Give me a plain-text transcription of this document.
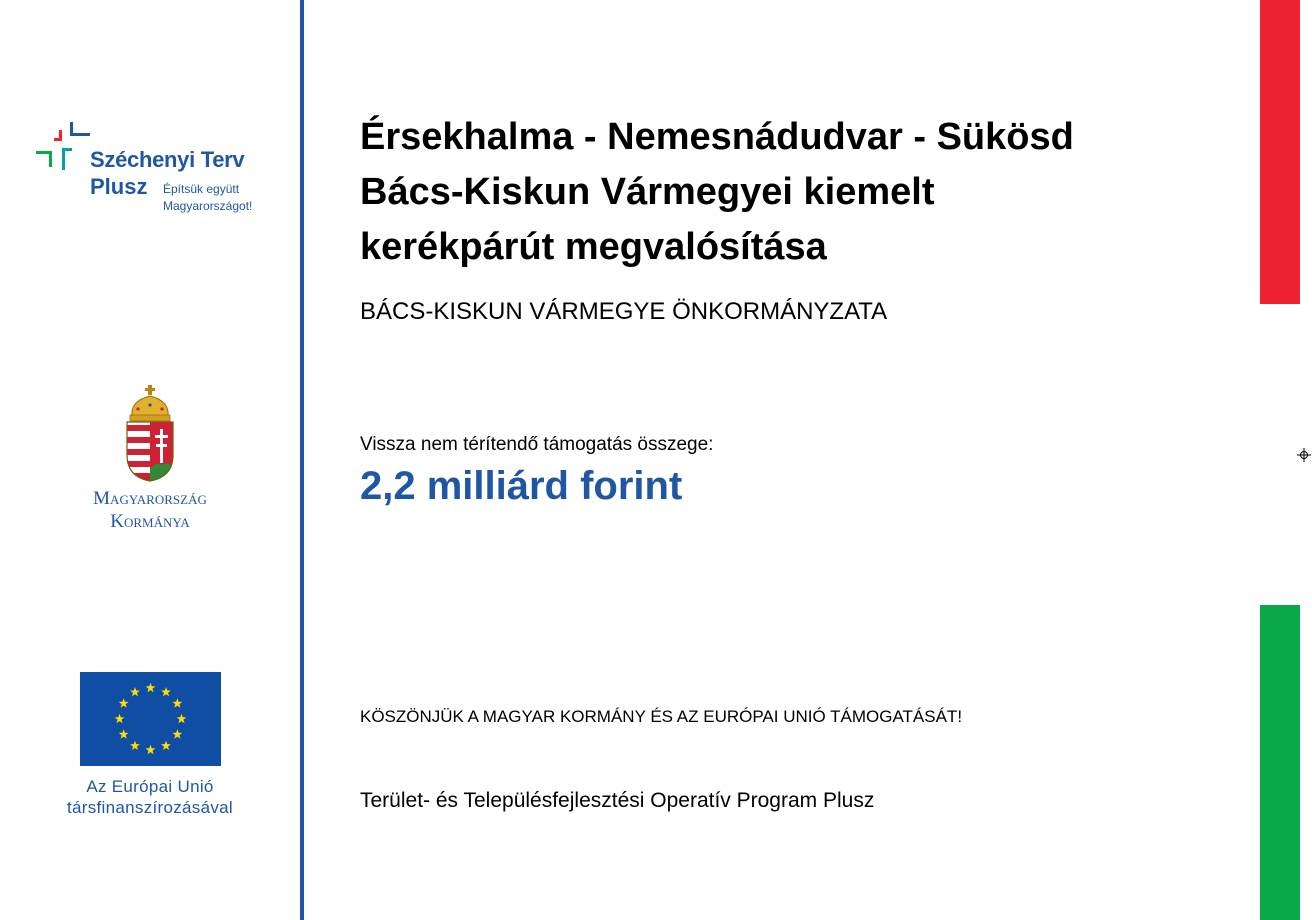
Széchenyi Terv
Plusz Építsük együtt
Magyarországot!
Magyarország
Kormánya
Az Európai Unió
társfinanszírozásával
Érsekhalma - Nemesnádudvar - Sükösd
Bács-Kiskun Vármegyei kiemelt
kerékpárút megvalósítása
BÁCS-KISKUN VÁRMEGYE ÖNKORMÁNYZATA
Vissza nem térítendő támogatás összege:
2,2 milliárd forint
KÖSZÖNJÜK A MAGYAR KORMÁNY ÉS AZ EURÓPAI UNIÓ TÁMOGATÁSÁT!
Terület- és Településfejlesztési Operatív Program Plusz
